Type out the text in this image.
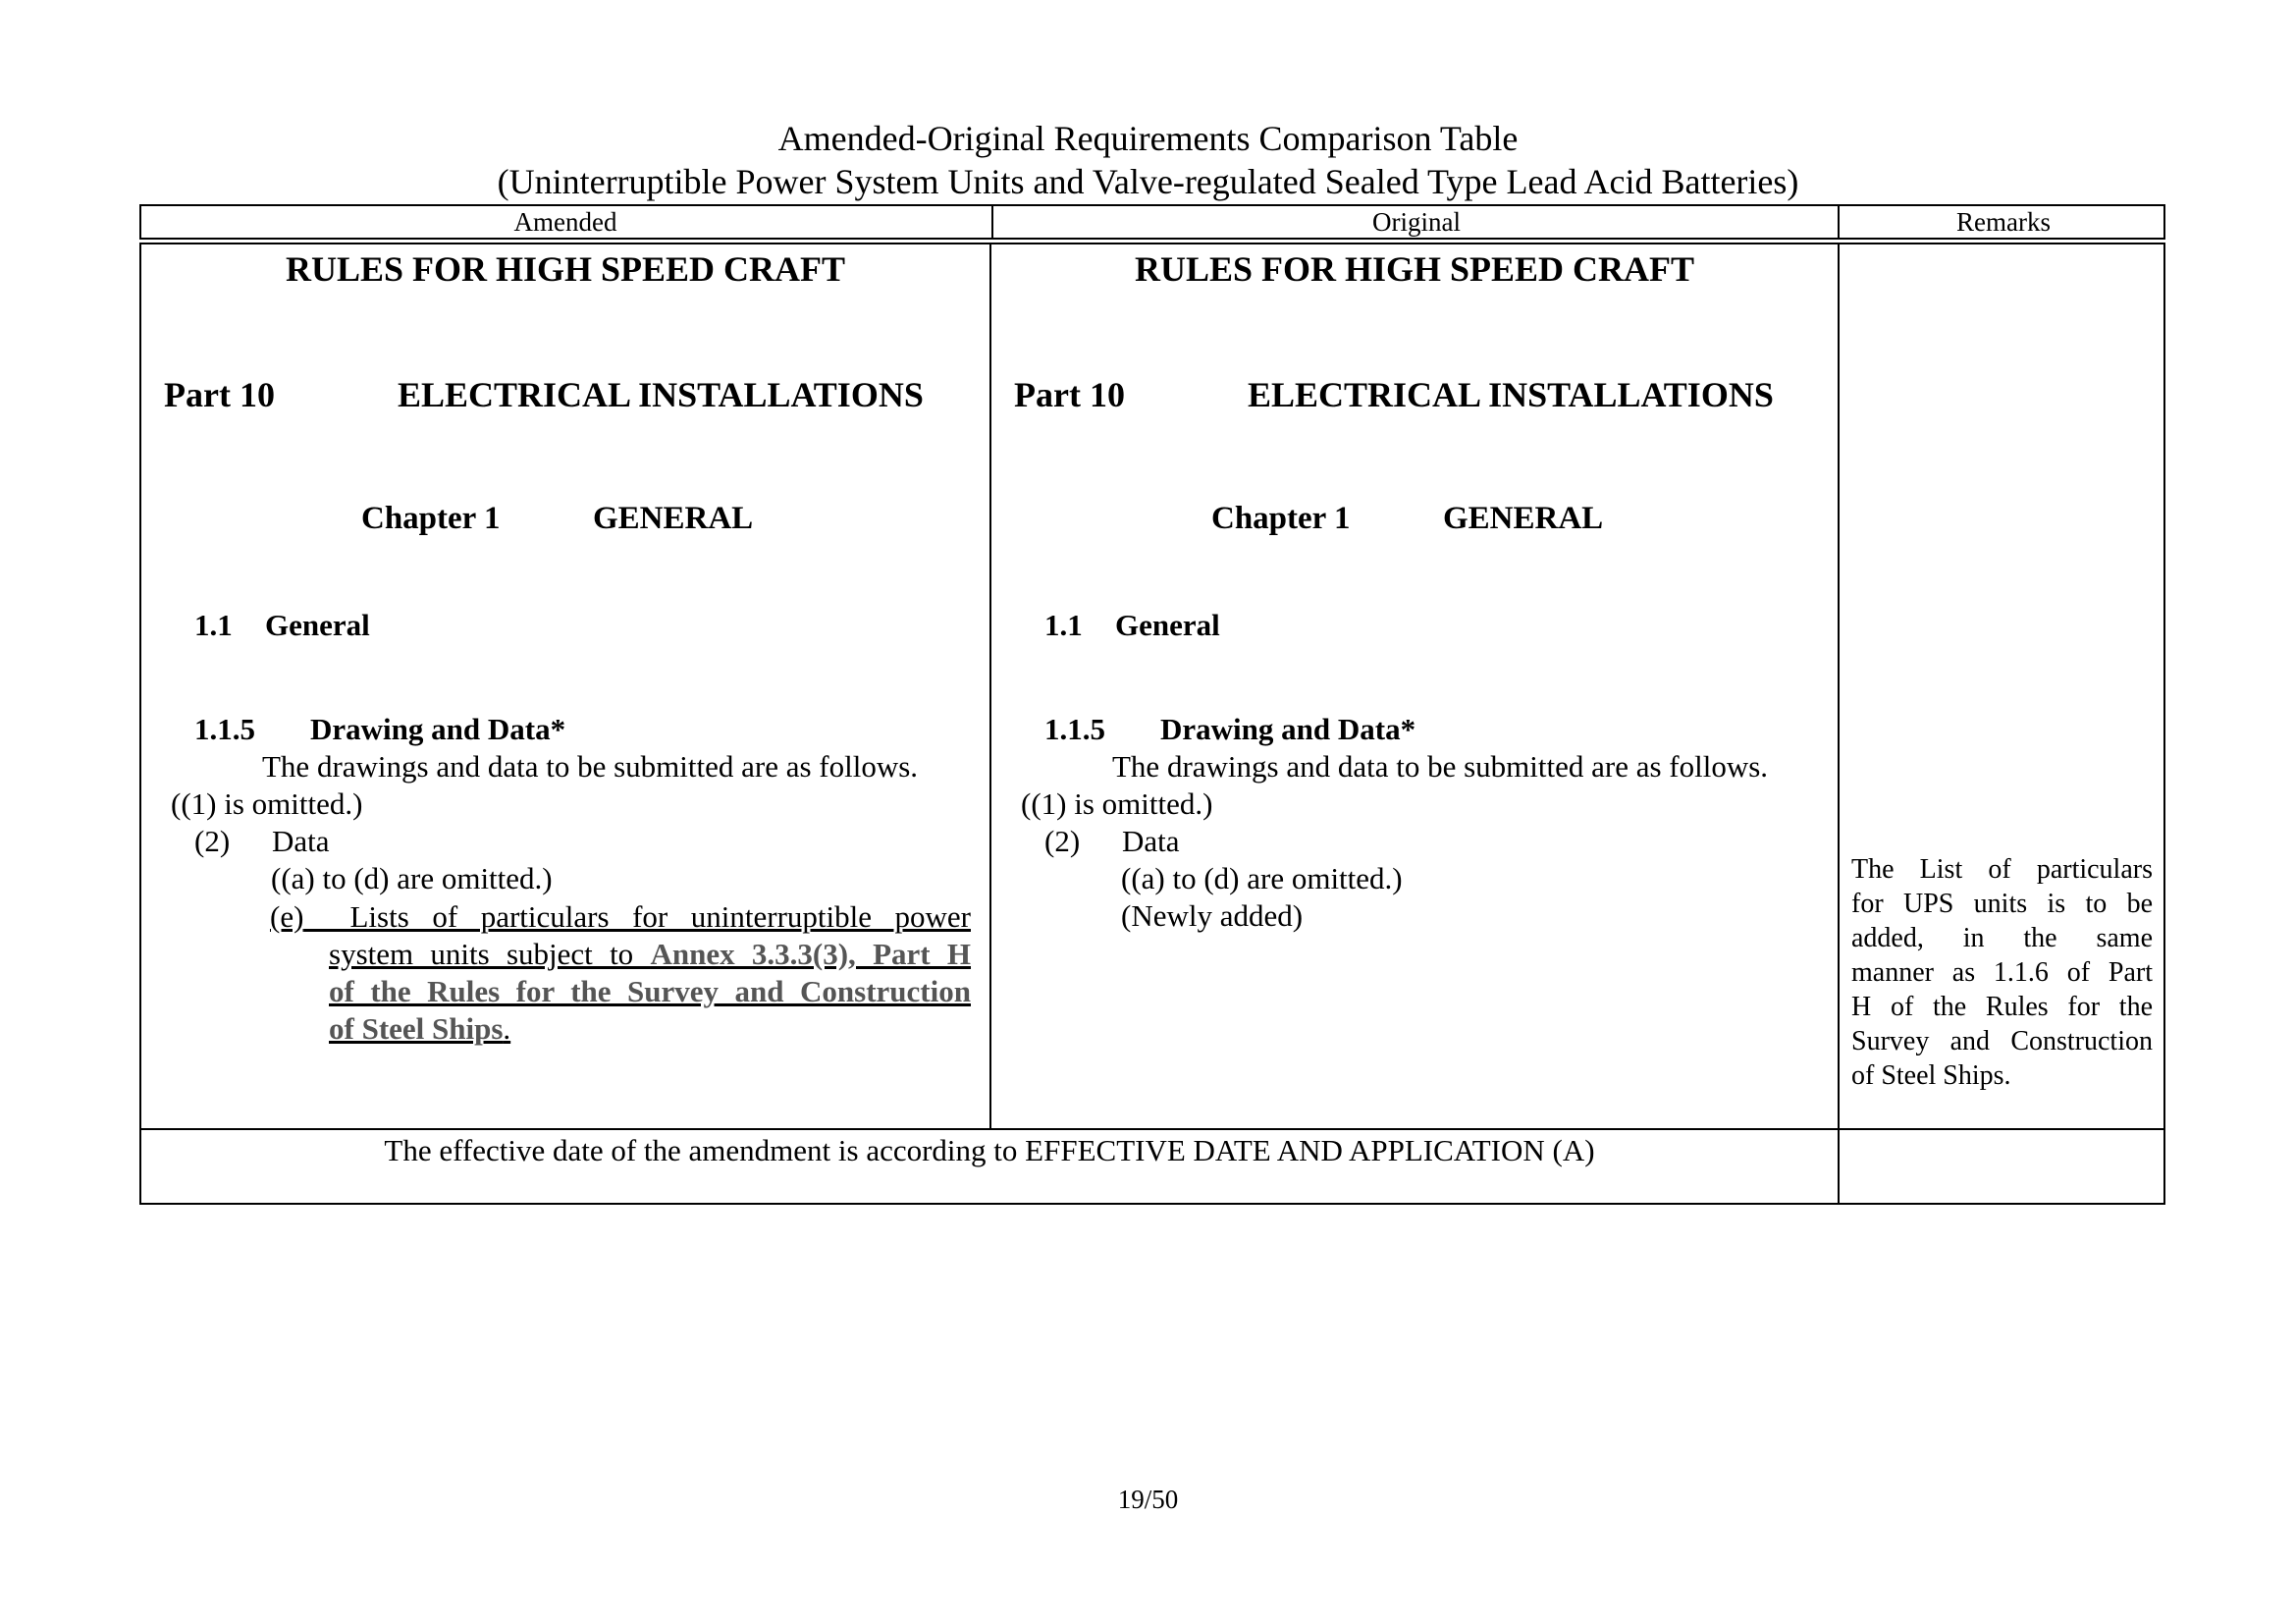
Amended-Original Requirements Comparison Table
(Uninterruptible Power System Units and Valve-regulated Sealed Type Lead Acid Batteries)
Amended	Original	Remarks
RULES FOR HIGH SPEED CRAFT
Part 10	ELECTRICAL INSTALLATIONS
Chapter 1	GENERAL
1.1 General
1.1.5 Drawing and Data*
The drawings and data to be submitted are as follows.
((1) is omitted.)
(2) Data
((a) to (d) are omitted.)
(e) Lists of particulars for uninterruptible power
system units subject to Annex 3.3.3(3), Part H
of the Rules for the Survey and Construction
of Steel Ships.
RULES FOR HIGH SPEED CRAFT
Part 10	ELECTRICAL INSTALLATIONS
Chapter 1	GENERAL
1.1 General
1.1.5 Drawing and Data*
The drawings and data to be submitted are as follows.
((1) is omitted.)
(2) Data
((a) to (d) are omitted.)
(Newly added)
The List of particulars
for UPS units is to be
added, in the same
manner as 1.1.6 of Part
H of the Rules for the
Survey and Construction
of Steel Ships.
The effective date of the amendment is according to EFFECTIVE DATE AND APPLICATION (A)
19/50
